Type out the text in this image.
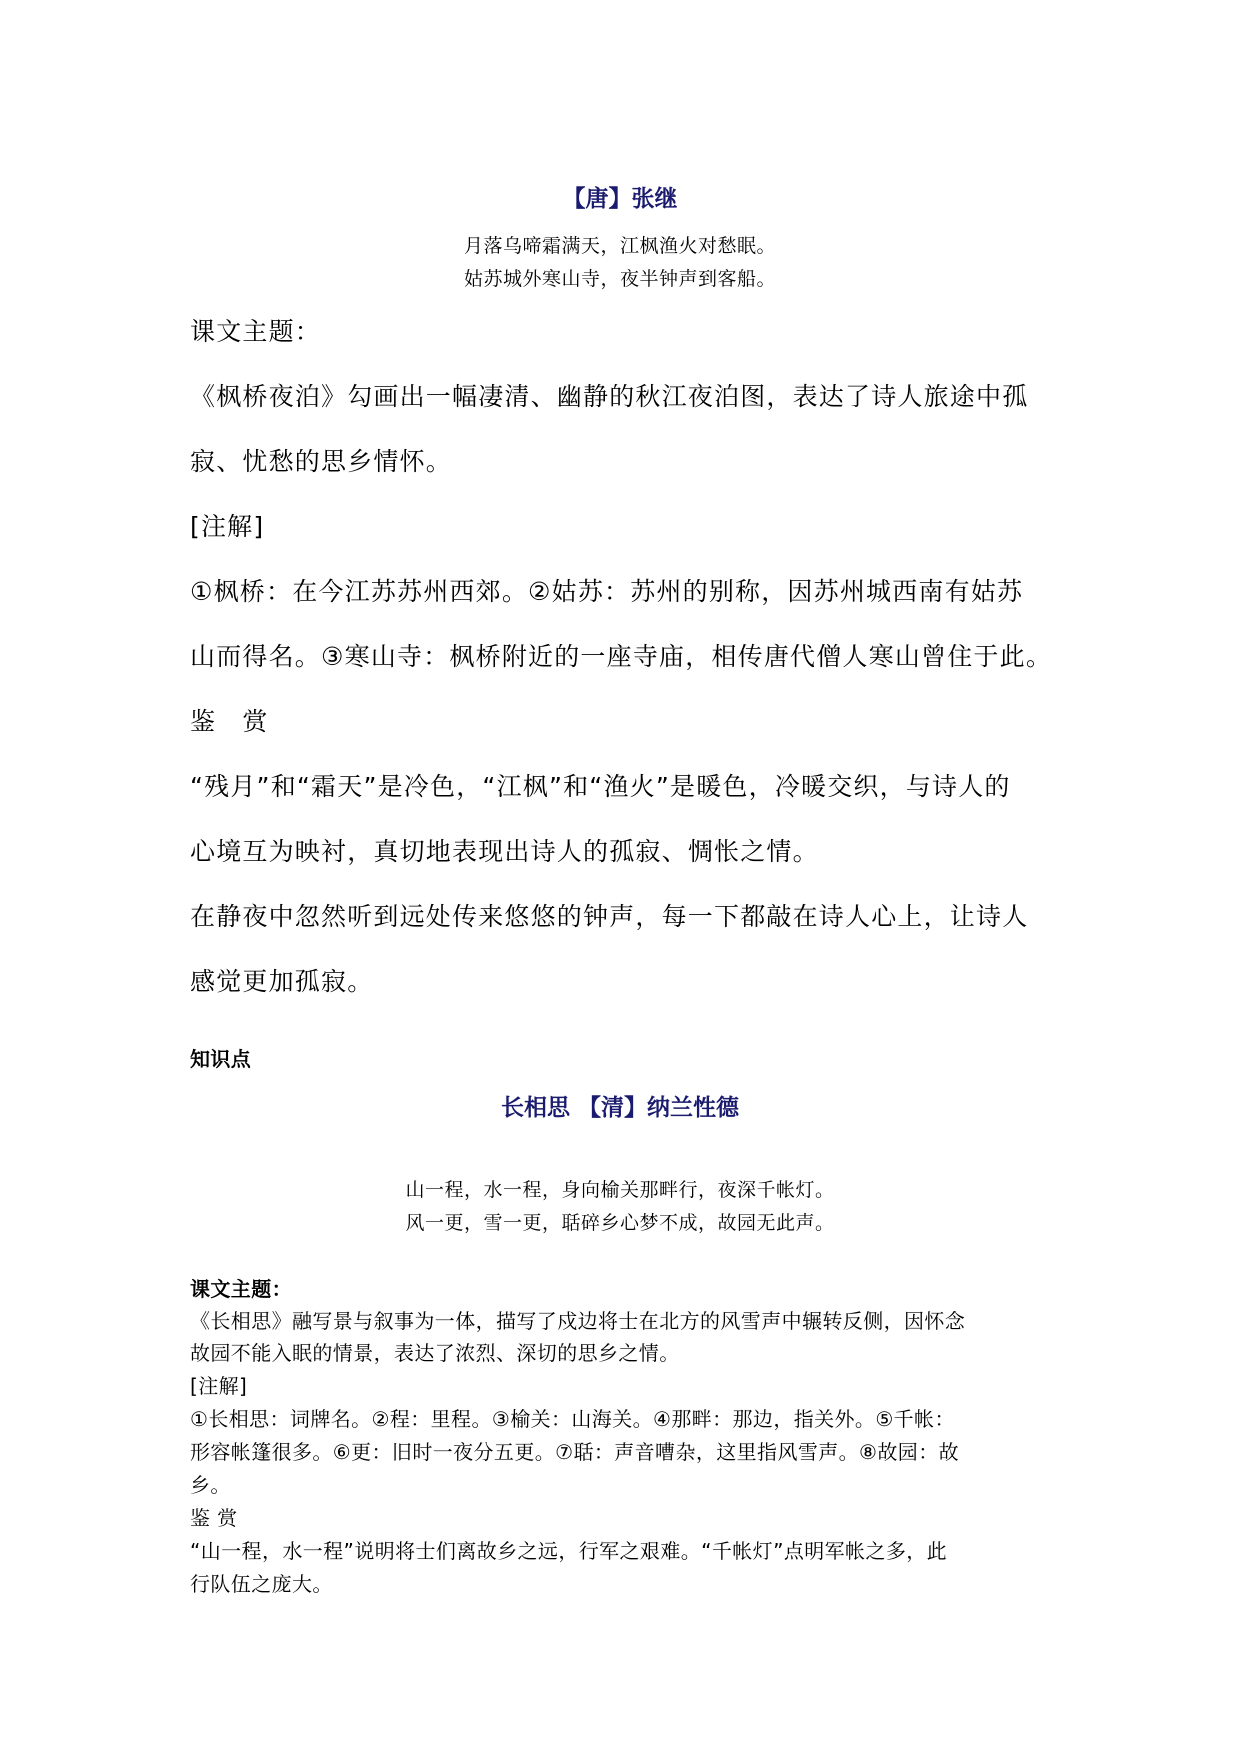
【唐】张继

月落乌啼霜满天，江枫渔火对愁眠。

姑苏城外寒山寺，夜半钟声到客船。

课文主题：

《枫桥夜泊》勾画出一幅凄清、幽静的秋江夜泊图，表达了诗人旅途中孤

寂、忧愁的思乡情怀。

[注解]

①枫桥：在今江苏苏州西郊。②姑苏：苏州的别称，因苏州城西南有姑苏

山而得名。③寒山寺：枫桥附近的一座寺庙，相传唐代僧人寒山曾住于此。

鉴　赏

“残月”和“霜天”是冷色，“江枫”和“渔火”是暖色，冷暖交织，与诗人的

心境互为映衬，真切地表现出诗人的孤寂、惆怅之情。

在静夜中忽然听到远处传来悠悠的钟声，每一下都敲在诗人心上，让诗人

感觉更加孤寂。

知识点

长相思 【清】纳兰性德

山一程，水一程，身向榆关那畔行，夜深千帐灯。

风一更，雪一更，聒碎乡心梦不成，故园无此声。

课文主题：

《长相思》融写景与叙事为一体，描写了戍边将士在北方的风雪声中辗转反侧，因怀念

故园不能入眠的情景，表达了浓烈、深切的思乡之情。

[注解]

①长相思：词牌名。②程：里程。③榆关：山海关。④那畔：那边，指关外。⑤千帐：

形容帐篷很多。⑥更：旧时一夜分五更。⑦聒：声音嘈杂，这里指风雪声。⑧故园：故

乡。

鉴 赏

“山一程，水一程”说明将士们离故乡之远，行军之艰难。“千帐灯”点明军帐之多，此

行队伍之庞大。
